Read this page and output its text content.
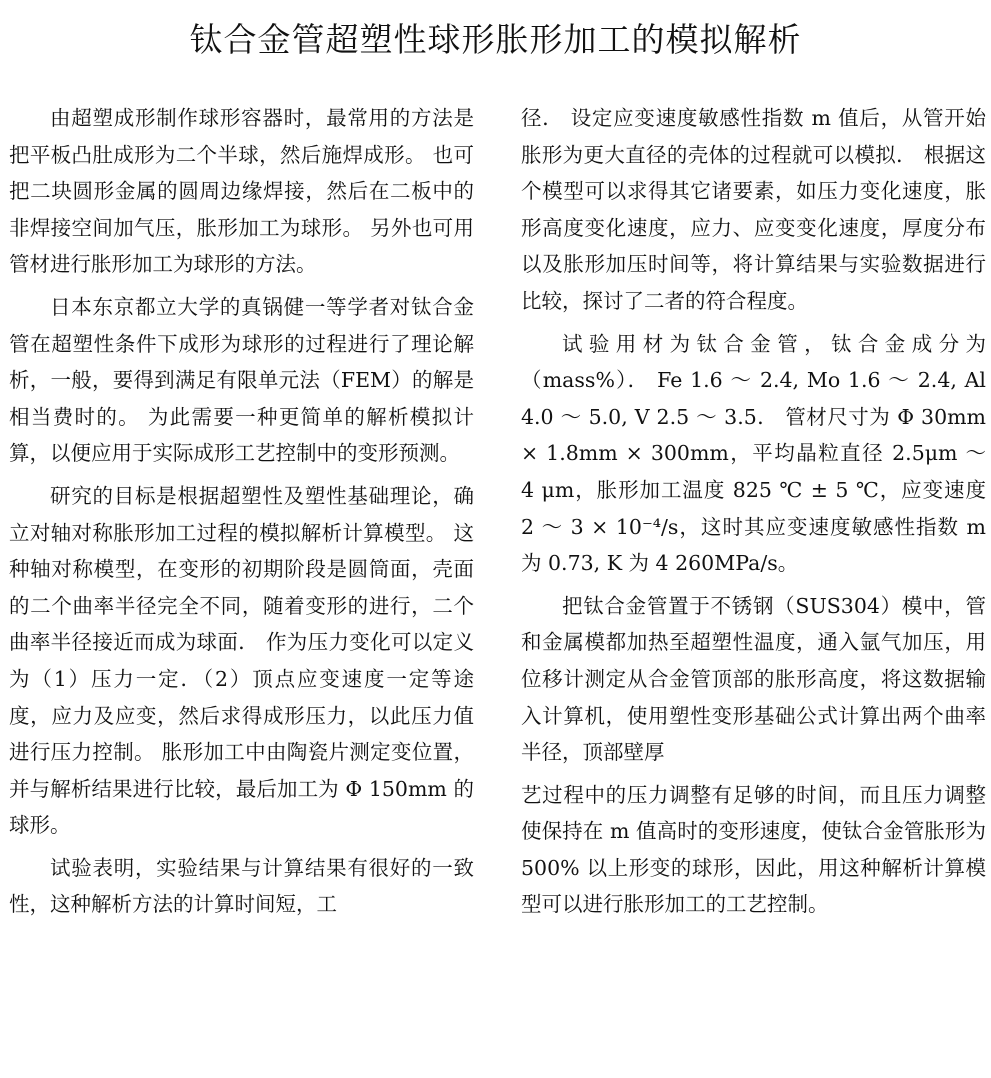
钛合金管超塑性球形胀形加工的模拟解析

由超塑成形制作球形容器时，最常用的方法是把平板凸肚成形为二个半球，然后施焊成形。 也可把二块圆形金属的圆周边缘焊接，然后在二板中的非焊接空间加气压，胀形加工为球形。 另外也可用管材进行胀形加工为球形的方法。

日本东京都立大学的真锅健一等学者对钛合金管在超塑性条件下成形为球形的过程进行了理论解析，一般，要得到满足有限单元法（FEM）的解是相当费时的。 为此需要一种更简单的解析模拟计算，以便应用于实际成形工艺控制中的变形预测。

研究的目标是根据超塑性及塑性基础理论，确立对轴对称胀形加工过程的模拟解析计算模型。 这种轴对称模型，在变形的初期阶段是圆筒面，壳面的二个曲率半径完全不同，随着变形的进行，二个曲率半径接近而成为球面． 作为压力变化可以定义为（1）压力一定．（2）顶点应变速度一定等途度，应力及应变，然后求得成形压力，以此压力值进行压力控制。 胀形加工中由陶瓷片测定变位置，并与解析结果进行比较，最后加工为 Φ 150mm 的球形。

试验表明，实验结果与计算结果有很好的一致性，这种解析方法的计算时间短，工

径． 设定应变速度敏感性指数 m 值后，从管开始胀形为更大直径的壳体的过程就可以模拟． 根据这个模型可以求得其它诸要素，如压力变化速度，胀形高度变化速度，应力、应变变化速度，厚度分布以及胀形加压时间等，将计算结果与实验数据进行比较，探讨了二者的符合程度。

试验用材为钛合金管，钛合金成分为（mass%）． Fe 1.6 ～ 2.4, Mo 1.6 ～ 2.4, Al 4.0 ～ 5.0, V 2.5 ～ 3.5． 管材尺寸为 Φ 30mm × 1.8mm × 300mm，平均晶粒直径 2.5μm ～ 4 μm，胀形加工温度 825 ℃ ± 5 ℃，应变速度 2 ～ 3 × 10⁻⁴/s，这时其应变速度敏感性指数 m 为 0.73, K 为 4 260MPa/s。

把钛合金管置于不锈钢（SUS304）模中，管和金属模都加热至超塑性温度，通入氩气加压，用位移计测定从合金管顶部的胀形高度，将这数据输入计算机，使用塑性变形基础公式计算出两个曲率半径，顶部壁厚

艺过程中的压力调整有足够的时间，而且压力调整使保持在 m 值高时的变形速度，使钛合金管胀形为 500% 以上形变的球形，因此，用这种解析计算模型可以进行胀形加工的工艺控制。
